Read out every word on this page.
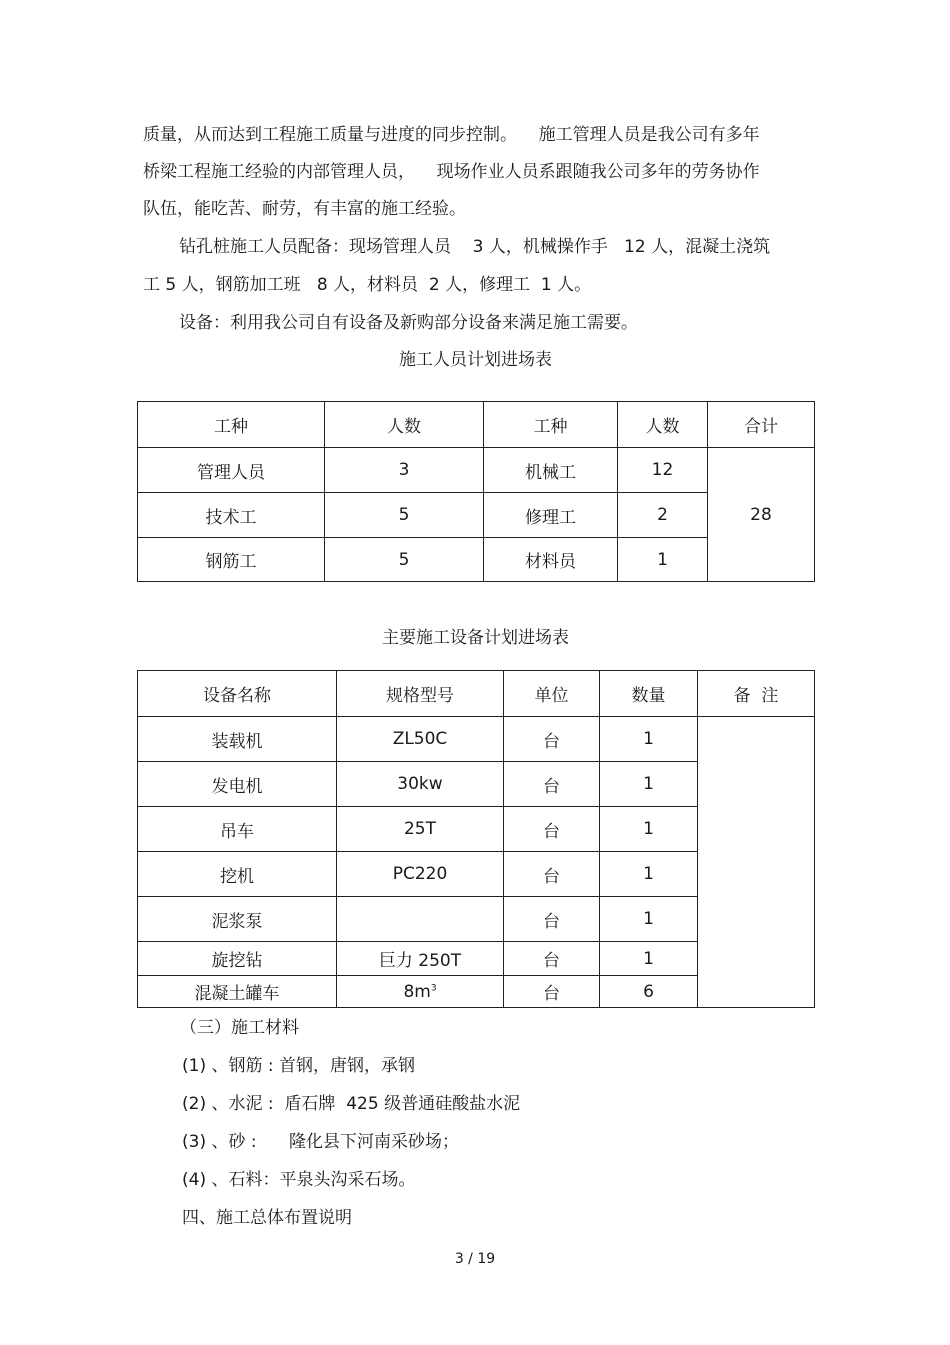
质量，从而达到工程施工质量与进度的同步控制。    施工管理人员是我公司有多年

桥梁工程施工经验的内部管理人员，    现场作业人员系跟随我公司多年的劳务协作

队伍，能吃苦、耐劳，有丰富的施工经验。

钻孔桩施工人员配备：现场管理人员    3 人，机械操作手   12 人，混凝土浇筑

工 5 人，钢筋加工班   8 人，材料员  2 人，修理工  1 人。

设备：利用我公司自有设备及新购部分设备来满足施工需要。

施工人员计划进场表

工种	人数	工种	人数	合计
管理人员	3	机械工	12	28
技术工	5	修理工	2	
钢筋工	5	材料员	1	

主要施工设备计划进场表

设备名称	规格型号	单位	数量	备  注
装载机	ZL50C	台	1	
发电机	30kw	台	1	
吊车	25T	台	1	
挖机	PC220	台	1	
泥浆泵		台	1	
旋挖钻	巨力 250T	台	1	
混凝土罐车	$8m^3$	台	6	

（三）施工材料

(1) 、钢筋 : 首钢，唐钢，承钢

(2) 、水泥 :  盾石牌  425 级普通硅酸盐水泥

(3) 、砂 :      隆化县下河南采砂场；

(4) 、石料：平泉头沟采石场。

四、施工总体布置说明

3 / 19
